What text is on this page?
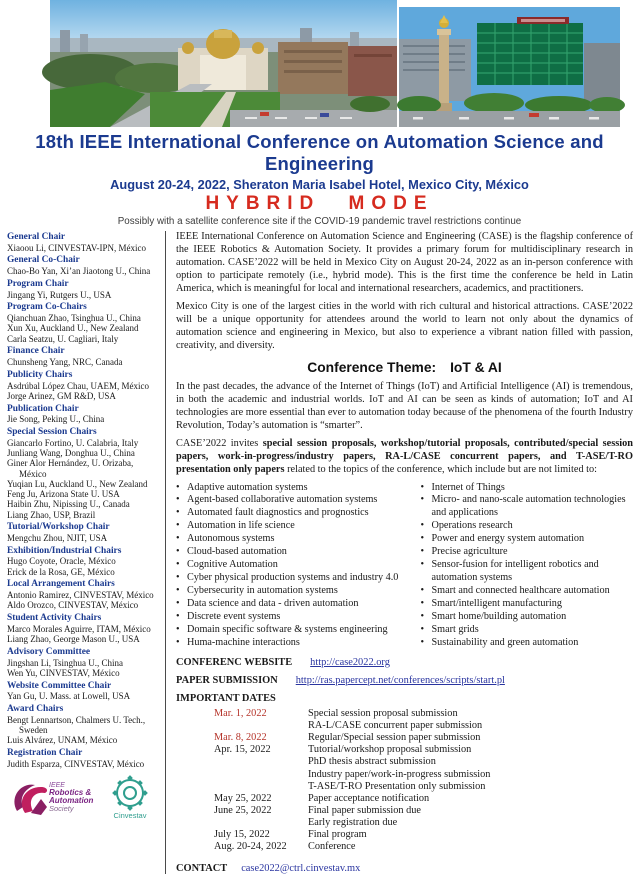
18th IEEE International Conference on Automation Science and Engineering
August 20-24, 2022, Sheraton Maria Isabel Hotel, Mexico City, México
HYBRID MODE
Possibly with a satellite conference site if the COVID-19 pandemic travel restrictions continue
General Chair
Xiaoou Li, CINVESTAV-IPN, México
General Co-Chair
Chao-Bo Yan, Xi’an Jiaotong U., China
Program Chair
Jingang Yi, Rutgers U., USA
Program Co-Chairs
Qianchuan Zhao, Tsinghua U., China
Xun Xu, Auckland U., New Zealand
Carla Seatzu, U. Cagliari, Italy
Finance Chair
Chunsheng Yang, NRC, Canada
Publicity Chairs
Asdrúbal López Chau, UAEM, México
Jorge Arinez, GM R&D, USA
Publication Chair
Jie Song, Peking U., China
Special Session Chairs
Giancarlo Fortino, U. Calabria, Italy
Junliang Wang, Donghua U., China
Giner Alor Hernández, U. Orizaba, México
Yuqian Lu, Auckland U., New Zealand
Feng Ju, Arizona State U. USA
Haibin Zhu, Nipissing U., Canada
Liang Zhao, USP, Brazil
Tutorial/Workshop Chair
Mengchu Zhou, NJIT, USA
Exhibition/Industrial Chairs
Hugo Coyote, Oracle, México
Erick de la Rosa, GE, México
Local Arrangement Chairs
Antonio Ramirez, CINVESTAV, México
Aldo Orozco, CINVESTAV, México
Student Activity Chairs
Marco Morales Aguirre, ITAM, México
Liang Zhao, George Mason U., USA
Advisory Committee
Jingshan Li, Tsinghua U., China
Wen Yu, CINVESTAV, México
Website Committee Chair
Yan Gu, U. Mass. at Lowell, USA
Award Chairs
Bengt Lennartson, Chalmers U. Tech., Sweden
Luis Alvárez, UNAM, México
Registration Chair
Judith Esparza, CINVESTAV, México
IEEE
Robotics &
Automation
Society
Cinvestav

IEEE International Conference on Automation Science and Engineering (CASE) is the flagship conference of the IEEE Robotics & Automation Society. It provides a primary forum for multidisciplinary research in automation. CASE’2022 will be held in Mexico City on August 20-24, 2022 as an in-person conference with option to participate remotely (i.e., hybrid mode). This is the first time the conference be held in Latin America, which is meaningful for local and international researchers, academics, and practitioners.

Mexico City is one of the largest cities in the world with rich cultural and historical attractions. CASE’2022 will be a unique opportunity for attendees around the world to learn not only about the dynamics of automation science and engineering in Mexico, but also to experience a vibrant nation filled with passion, creativity, and diversity.

Conference Theme: IoT & AI

In the past decades, the advance of the Internet of Things (IoT) and Artificial Intelligence (AI) is tremendous, in both the academic and industrial worlds. IoT and AI can be seen as kinds of automation; IoT and AI technologies are more essential than ever to automation today because of the phenomena of the fourth Industry Revolution, Today’s automation is “smarter”.

CASE’2022 invites special session proposals, workshop/tutorial proposals, contributed/special session papers, work-in-progress/industry papers, RA-L/CASE concurrent papers, and T-ASE/T-RO presentation only papers related to the topics of the conference, which include but are not limited to:

• Adaptive automation systems
• Agent-based collaborative automation systems
• Automated fault diagnostics and prognostics
• Automation in life science
• Autonomous systems
• Cloud-based automation
• Cognitive Automation
• Cyber physical production systems and industry 4.0
• Cybersecurity in automation systems
• Data science and data - driven automation
• Discrete event systems
• Domain specific software & systems engineering
• Huma-machine interactions
• Internet of Things
• Micro- and nano-scale automation technologies and applications
• Operations research
• Power and energy system automation
• Precise agriculture
• Sensor-fusion for intelligent robotics and automation systems
• Smart and connected healthcare automation
• Smart/intelligent manufacturing
• Smart home/building automation
• Smart grids
• Sustainability and green automation
CONFERENC WEBSITE http://case2022.org
PAPER SUBMISSION http://ras.papercept.net/conferences/scripts/start.pl
IMPORTANT DATES
Mar. 1, 2022	Special session proposal submission
RA-L/CASE concurrent paper submission
Mar. 8, 2022	Regular/Special session paper submission
Apr. 15, 2022	Tutorial/workshop proposal submission
PhD thesis abstract submission
Industry paper/work-in-progress submission
T-ASE/T-RO Presentation only submission
May 25, 2022	Paper acceptance notification
June 25, 2022	Final paper submission due
Early registration due
July 15, 2022	Final program
Aug. 20-24, 2022	Conference
CONTACT case2022@ctrl.cinvestav.mx
